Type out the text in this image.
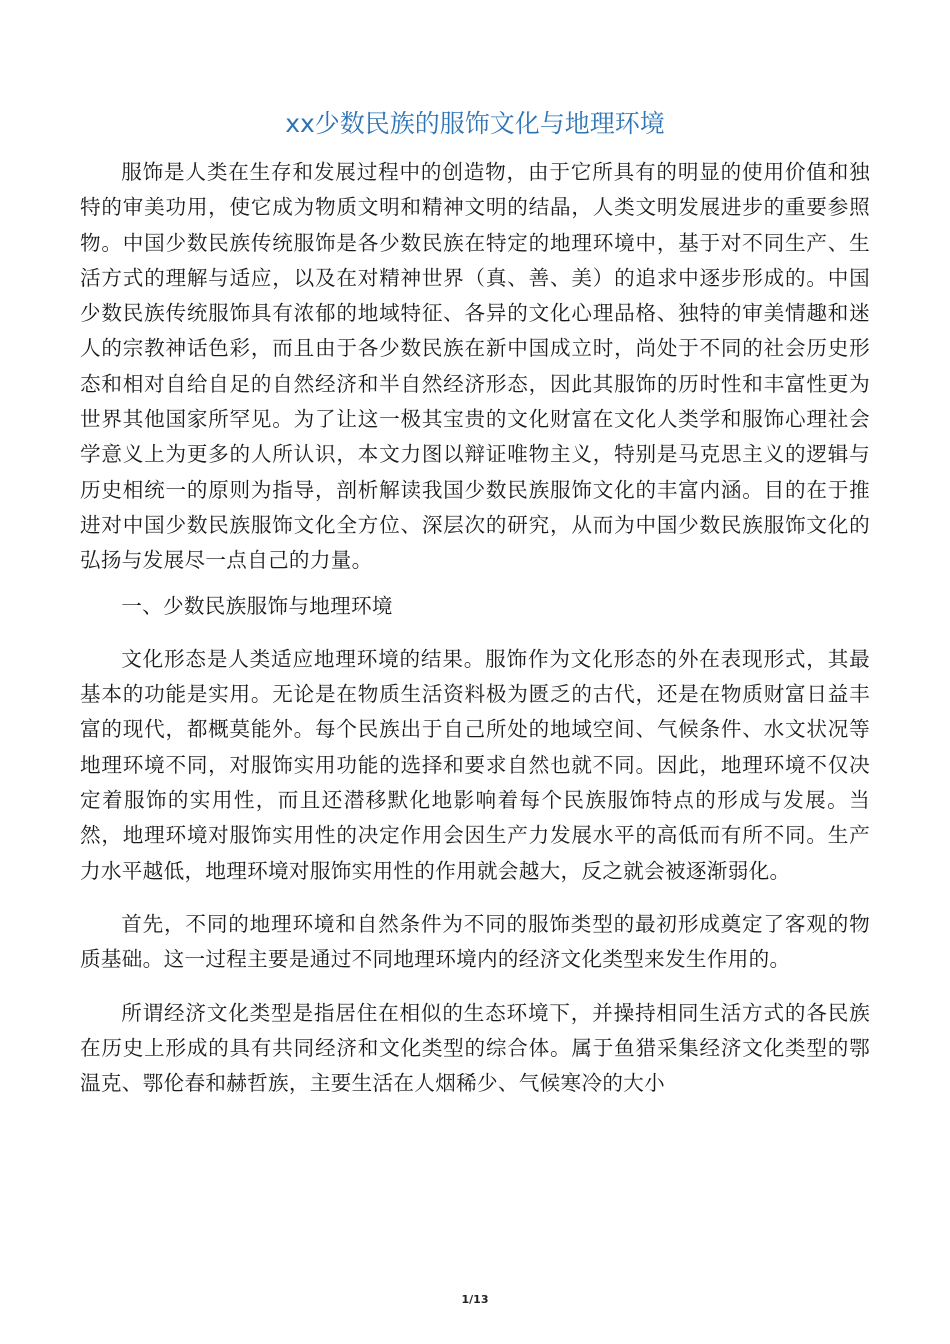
xx少数民族的服饰文化与地理环境

服饰是人类在生存和发展过程中的创造物，由于它所具有的明显的使用价值和独特的审美功用，使它成为物质文明和精神文明的结晶，人类文明发展进步的重要参照物。中国少数民族传统服饰是各少数民族在特定的地理环境中，基于对不同生产、生活方式的理解与适应，以及在对精神世界（真、善、美）的追求中逐步形成的。中国少数民族传统服饰具有浓郁的地域特征、各异的文化心理品格、独特的审美情趣和迷人的宗教神话色彩，而且由于各少数民族在新中国成立时，尚处于不同的社会历史形态和相对自给自足的自然经济和半自然经济形态，因此其服饰的历时性和丰富性更为世界其他国家所罕见。为了让这一极其宝贵的文化财富在文化人类学和服饰心理社会学意义上为更多的人所认识，本文力图以辩证唯物主义，特别是马克思主义的逻辑与历史相统一的原则为指导，剖析解读我国少数民族服饰文化的丰富内涵。目的在于推进对中国少数民族服饰文化全方位、深层次的研究，从而为中国少数民族服饰文化的弘扬与发展尽一点自己的力量。

一、少数民族服饰与地理环境

文化形态是人类适应地理环境的结果。服饰作为文化形态的外在表现形式，其最基本的功能是实用。无论是在物质生活资料极为匮乏的古代，还是在物质财富日益丰富的现代，都概莫能外。每个民族出于自己所处的地域空间、气候条件、水文状况等地理环境不同，对服饰实用功能的选择和要求自然也就不同。因此，地理环境不仅决定着服饰的实用性，而且还潜移默化地影响着每个民族服饰特点的形成与发展。当然，地理环境对服饰实用性的决定作用会因生产力发展水平的高低而有所不同。生产力水平越低，地理环境对服饰实用性的作用就会越大，反之就会被逐渐弱化。

首先，不同的地理环境和自然条件为不同的服饰类型的最初形成奠定了客观的物质基础。这一过程主要是通过不同地理环境内的经济文化类型来发生作用的。

所谓经济文化类型是指居住在相似的生态环境下，并操持相同生活方式的各民族在历史上形成的具有共同经济和文化类型的综合体。属于鱼猎采集经济文化类型的鄂温克、鄂伦春和赫哲族，主要生活在人烟稀少、气候寒冷的大小

1/13
